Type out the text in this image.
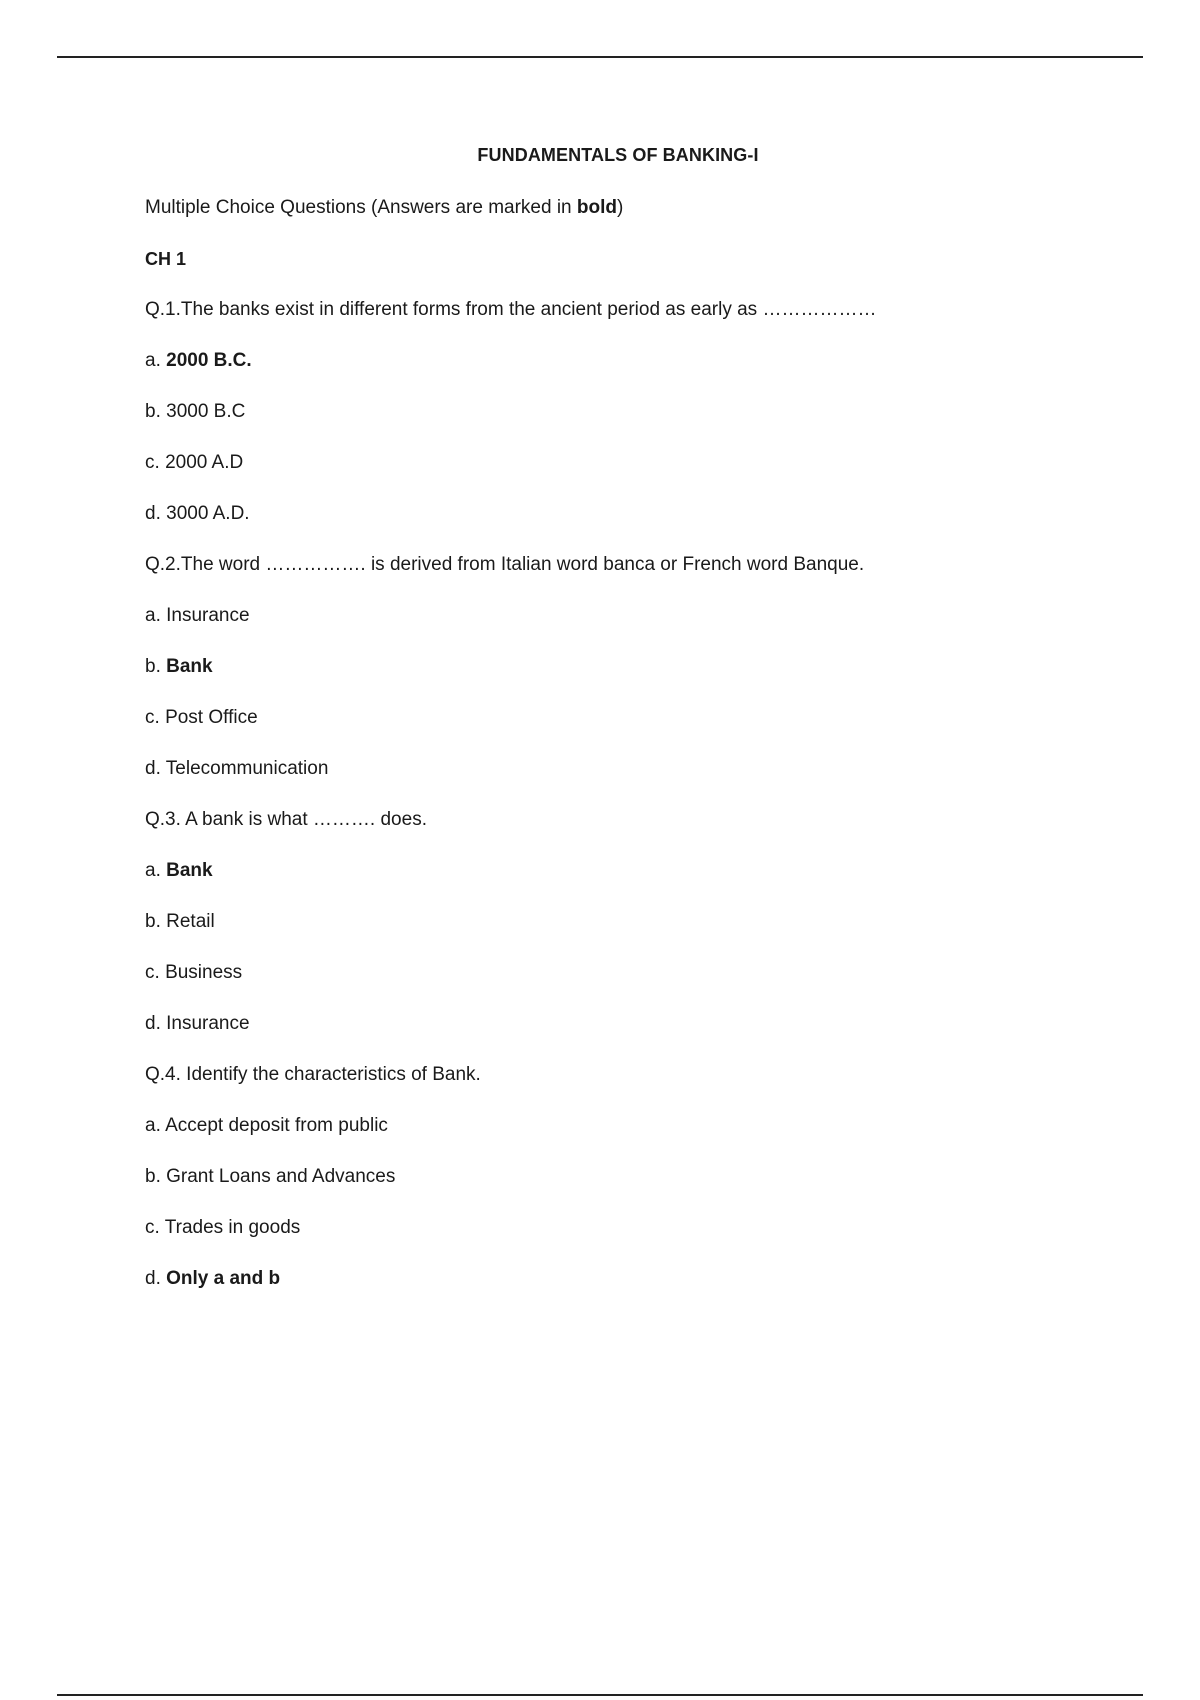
FUNDAMENTALS OF BANKING-I
Multiple Choice Questions (Answers are marked in bold)
CH 1
Q.1.The banks exist in different forms from the ancient period as early as ………………
a. 2000 B.C.
b. 3000 B.C
c. 2000 A.D
d. 3000 A.D.
Q.2.The word ……………. is derived from Italian word banca or French word Banque.
a. Insurance
b. Bank
c. Post Office
d. Telecommunication
Q.3. A bank is what ………. does.
a. Bank
b. Retail
c. Business
d. Insurance
Q.4. Identify the characteristics of Bank.
a. Accept deposit from public
b. Grant Loans and Advances
c. Trades in goods
d. Only a and b
